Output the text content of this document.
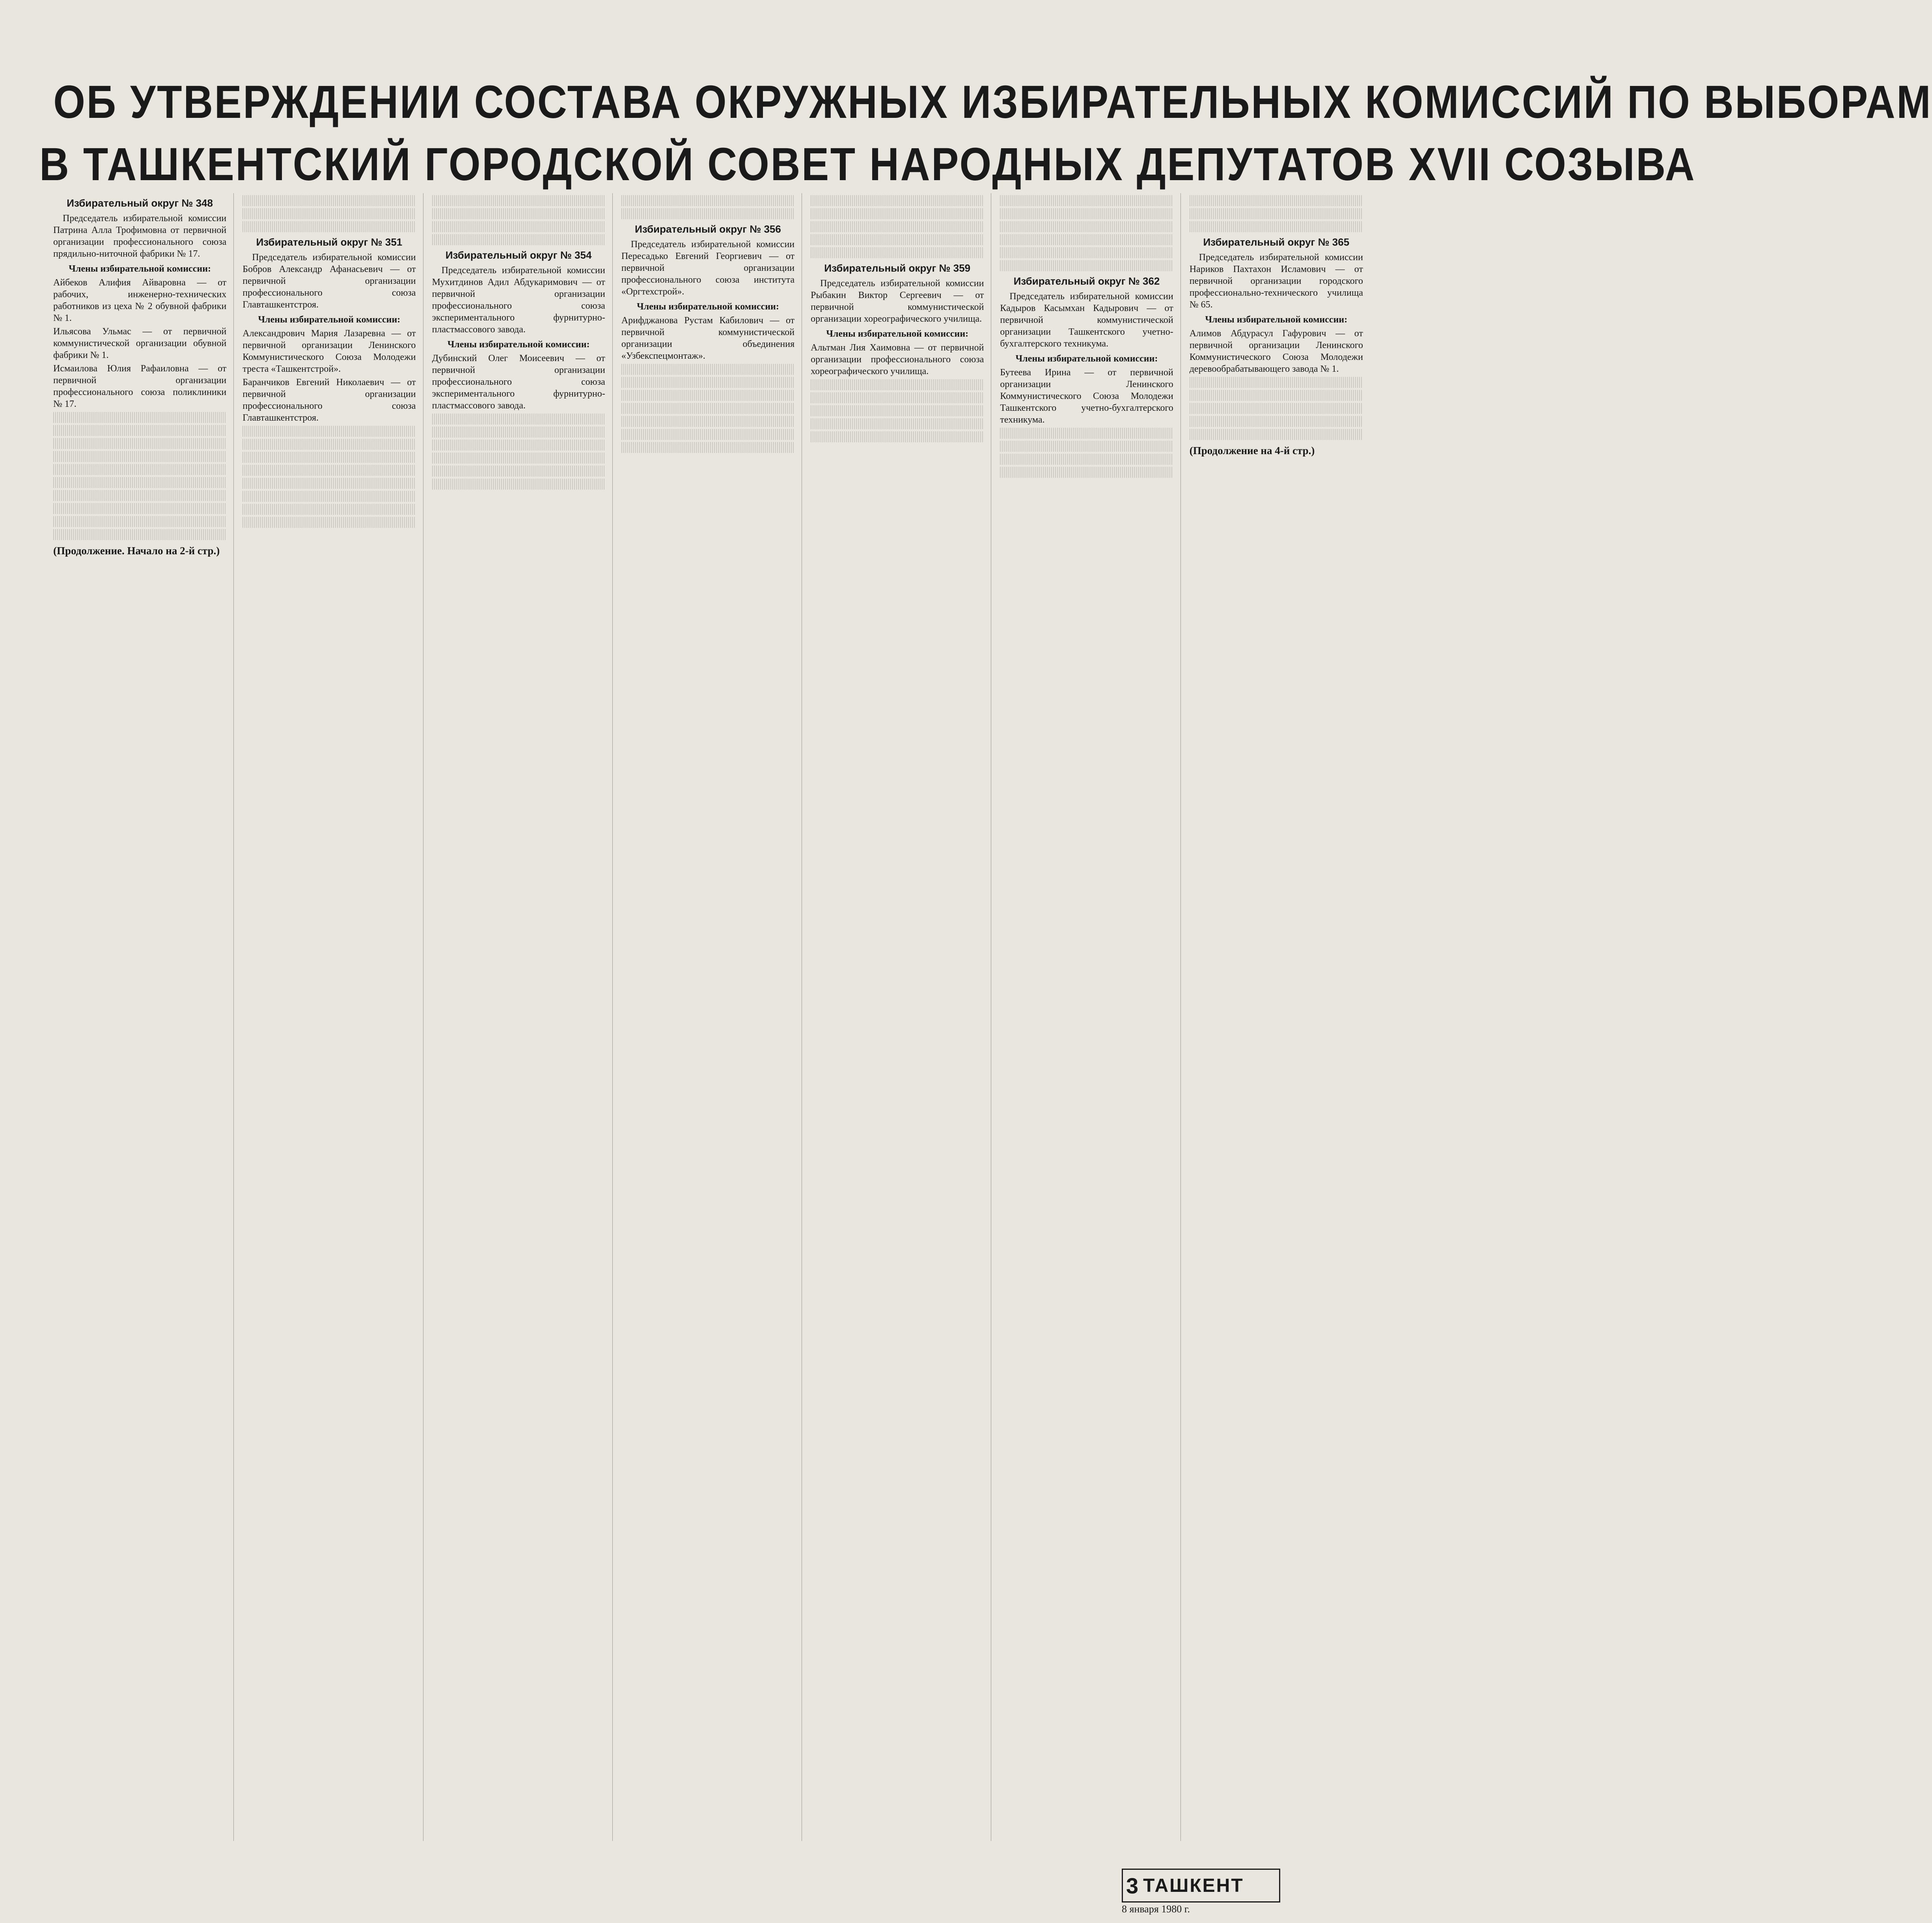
ОБ УТВЕРЖДЕНИИ СОСТАВА ОКРУЖНЫХ ИЗБИРАТЕЛЬНЫХ КОМИССИЙ ПО ВЫБОРАМ
В ТАШКЕНТСКИЙ ГОРОДСКОЙ СОВЕТ НАРОДНЫХ ДЕПУТАТОВ XVII СОЗЫВА
Избирательный округ № 348

Председатель избирательной комиссии Патрина Алла Трофимовна от первичной организации профессионального союза прядильно-ниточной фабрики № 17.

Члены избирательной комиссии:

Айбеков Алифия Айваровна — от рабочих, инженерно-технических работников из цеха № 2 обувной фабрики № 1.

Ильясова Ульмас — от первичной коммунистической организации обувной фабрики № 1.

Исмаилова Юлия Рафаиловна — от первичной организации профессионального союза поликлиники № 17.

(Продолжение. Начало на 2-й стр.)

Избирательный округ № 351

Председатель избирательной комиссии Бобров Александр Афанасьевич — от первичной организации профессионального союза Главташкентстроя.

Члены избирательной комиссии:

Александрович Мария Лазаревна — от первичной организации Ленинского Коммунистического Союза Молодежи треста «Ташкентстрой».

Баранчиков Евгений Николаевич — от первичной организации профессионального союза Главташкентстроя.

Избирательный округ № 354

Председатель избирательной комиссии Мухитдинов Адил Абдукаримович — от первичной организации профессионального союза экспериментального фурнитурно-пластмассового завода.

Члены избирательной комиссии:

Дубинский Олег Моисеевич — от первичной организации профессионального союза экспериментального фурнитурно-пластмассового завода.

Избирательный округ № 356

Председатель избирательной комиссии Пересадько Евгений Георгиевич — от первичной организации профессионального союза института «Оргтехстрой».

Члены избирательной комиссии:

Арифджанова Рустам Кабилович — от первичной коммунистической организации объединения «Узбекспецмонтаж».

Избирательный округ № 359

Председатель избирательной комиссии Рыбакин Виктор Сергеевич — от первичной коммунистической организации хореографического училища.

Члены избирательной комиссии:

Альтман Лия Хаимовна — от первичной организации профессионального союза хореографического училища.

Избирательный округ № 362

Председатель избирательной комиссии Кадыров Касымхан Кадырович — от первичной коммунистической организации Ташкентского учетно-бухгалтерского техникума.

Члены избирательной комиссии:

Бутеева Ирина — от первичной организации Ленинского Коммунистического Союза Молодежи Ташкентского учетно-бухгалтерского техникума.

Избирательный округ № 365

Председатель избирательной комиссии Нариков Пахтахон Исламович — от первичной организации городского профессионально-технического училища № 65.

Члены избирательной комиссии:

Алимов Абдурасул Гафурович — от первичной организации Ленинского Коммунистического Союза Молодежи деревообрабатывающего завода № 1.

(Продолжение на 4-й стр.)

3 ТАШКЕНТ
8 января 1980 г.
